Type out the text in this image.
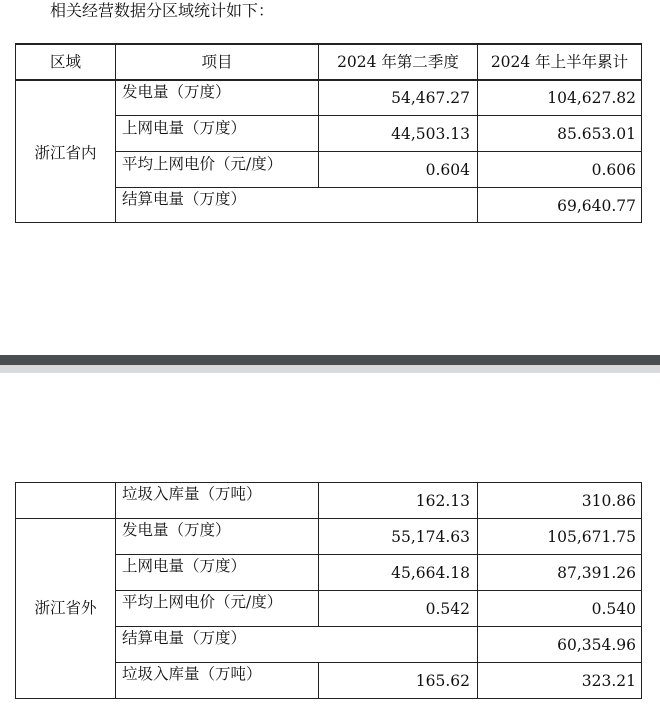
相关经营数据分区域统计如下：
区域	项目	2024 年第二季度	2024 年上半年累计
浙江省内
发电量（万度）	54,467.27	104,627.82
上网电量（万度）	44,503.13	85.653.01
平均上网电价（元/度）	0.604	0.606
结算电量（万度）	69,640.77
垃圾入库量（万吨）	162.13	310.86
浙江省外
发电量（万度）	55,174.63	105,671.75
上网电量（万度）	45,664.18	87,391.26
平均上网电价（元/度）	0.542	0.540
结算电量（万度）	60,354.96
垃圾入库量（万吨）	165.62	323.21
